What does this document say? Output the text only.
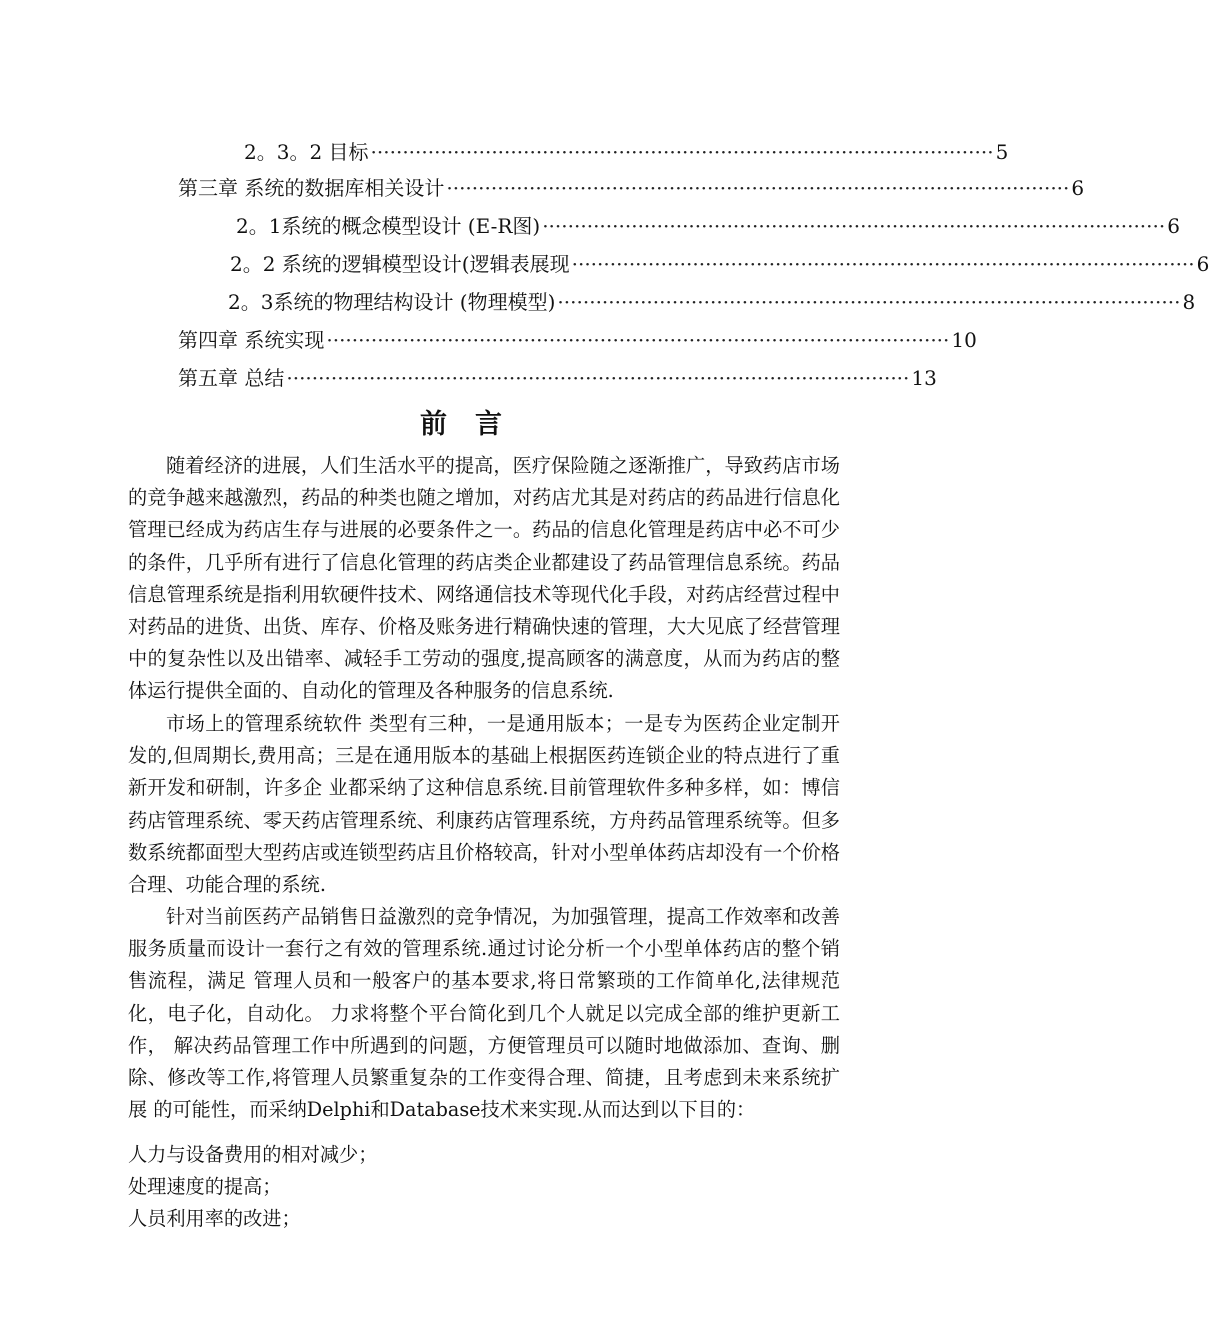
2。3。2 目标 ·································································································· 5
第三章 系统的数据库相关设计 ·································································································· 6
2。1系统的概念模型设计 (E-R图) ·································································································· 6
2。2 系统的逻辑模型设计(逻辑表展现 ·································································································· 6
2。3系统的物理结构设计 (物理模型) ·································································································· 8
第四章 系统实现 ·································································································· 10
第五章 总结 ·································································································· 13
前言

随着经济的进展，人们生活水平的提高，医疗保险随之逐渐推广，导致药店市场的竞争越来越激烈，药品的种类也随之增加，对药店尤其是对药店的药品进行信息化管理已经成为药店生存与进展的必要条件之一。药品的信息化管理是药店中必不可少的条件，几乎所有进行了信息化管理的药店类企业都建设了药品管理信息系统。药品信息管理系统是指利用软硬件技术、网络通信技术等现代化手段，对药店经营过程中对药品的进货、出货、库存、价格及账务进行精确快速的管理，大大见底了经营管理中的复杂性以及出错率、减轻手工劳动的强度,提高顾客的满意度，从而为药店的整体运行提供全面的、自动化的管理及各种服务的信息系统.

市场上的管理系统软件 类型有三种，一是通用版本；一是专为医药企业定制开发的,但周期长,费用高；三是在通用版本的基础上根据医药连锁企业的特点进行了重新开发和研制，许多企 业都采纳了这种信息系统.目前管理软件多种多样，如：博信药店管理系统、零天药店管理系统、利康药店管理系统，方舟药品管理系统等。但多数系统都面型大型药店或连锁型药店且价格较高，针对小型单体药店却没有一个价格合理、功能合理的系统.

针对当前医药产品销售日益激烈的竞争情况，为加强管理，提高工作效率和改善服务质量而设计一套行之有效的管理系统.通过讨论分析一个小型单体药店的整个销售流程，满足 管理人员和一般客户的基本要求,将日常繁琐的工作简单化,法律规范化，电子化，自动化。 力求将整个平台简化到几个人就足以完成全部的维护更新工作， 解决药品管理工作中所遇到的问题，方便管理员可以随时地做添加、查询、删除、修改等工作,将管理人员繁重复杂的工作变得合理、简捷，且考虑到未来系统扩展 的可能性，而采纳Delphi和Database技术来实现.从而达到以下目的：

人力与设备费用的相对减少；

处理速度的提高；

人员利用率的改进；
